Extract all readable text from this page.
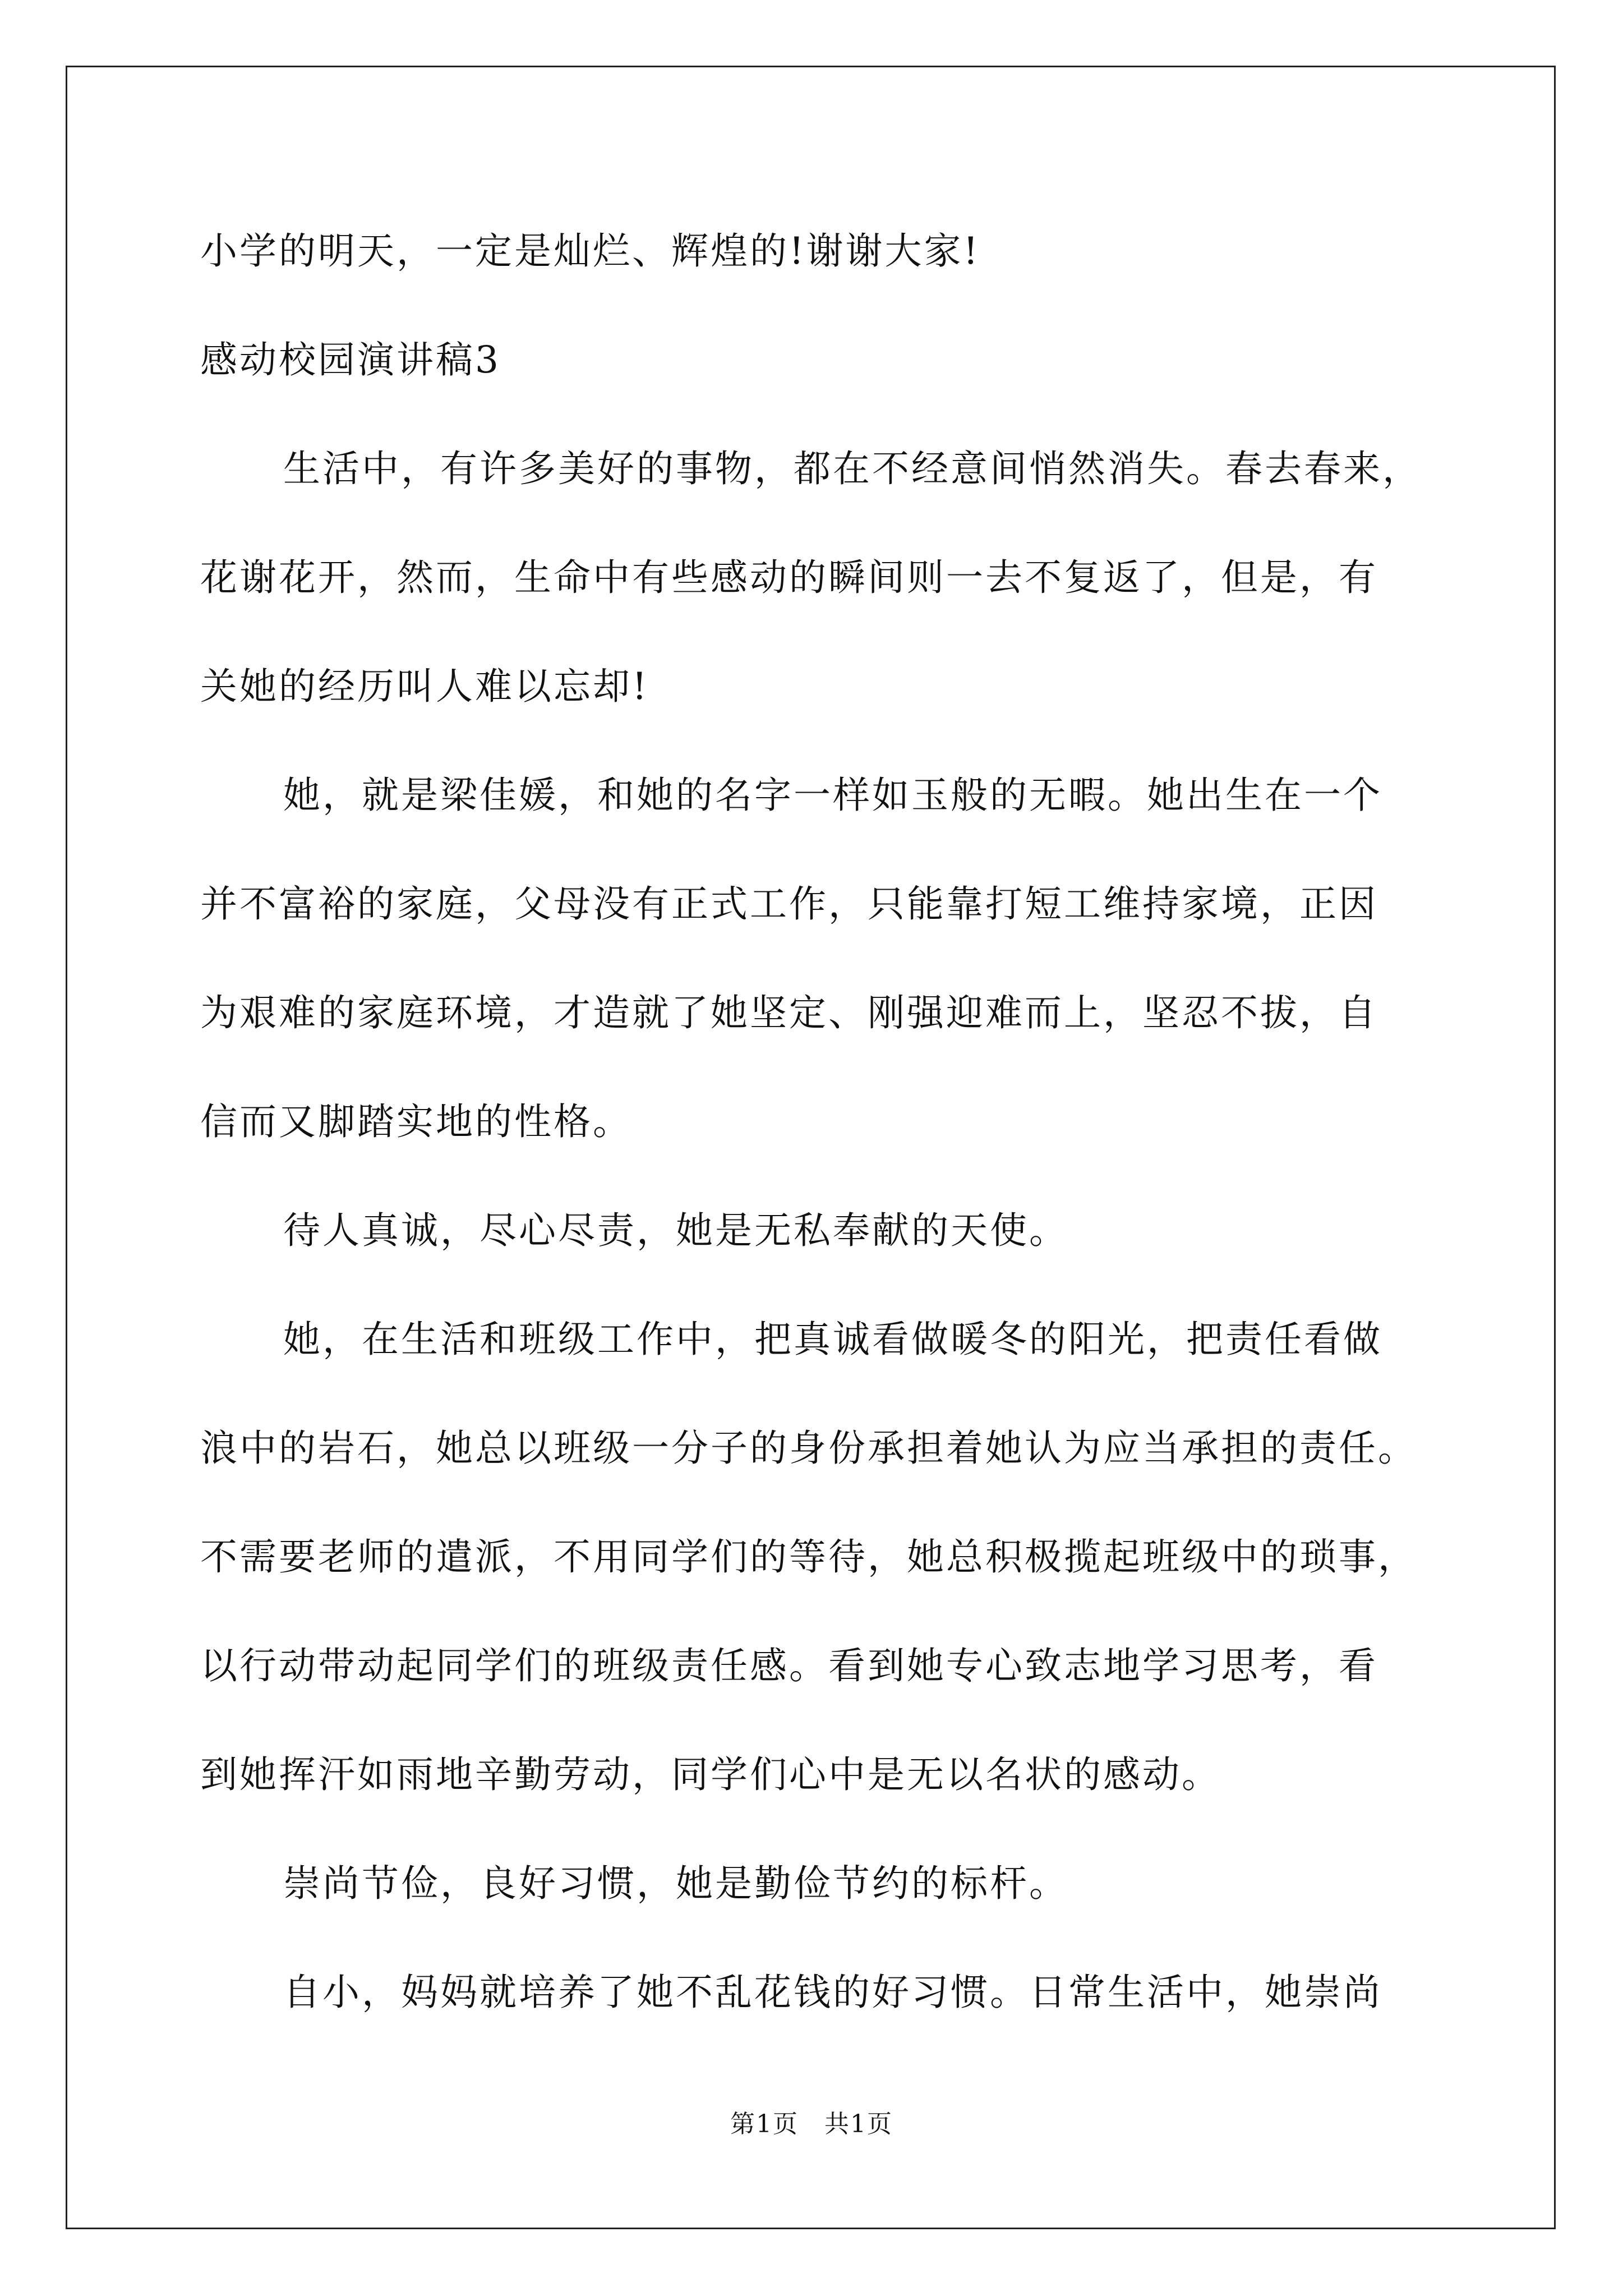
小学的明天，一定是灿烂、辉煌的!谢谢大家!

感动校园演讲稿3

生活中，有许多美好的事物，都在不经意间悄然消失。春去春来，

花谢花开，然而，生命中有些感动的瞬间则一去不复返了，但是，有

关她的经历叫人难以忘却!

她，就是梁佳媛，和她的名字一样如玉般的无暇。她出生在一个

并不富裕的家庭，父母没有正式工作，只能靠打短工维持家境，正因

为艰难的家庭环境，才造就了她坚定、刚强迎难而上，坚忍不拔，自

信而又脚踏实地的性格。

待人真诚，尽心尽责，她是无私奉献的天使。

她，在生活和班级工作中，把真诚看做暖冬的阳光，把责任看做

浪中的岩石，她总以班级一分子的身份承担着她认为应当承担的责任。

不需要老师的遣派，不用同学们的等待，她总积极揽起班级中的琐事，

以行动带动起同学们的班级责任感。看到她专心致志地学习思考，看

到她挥汗如雨地辛勤劳动，同学们心中是无以名状的感动。

崇尚节俭，良好习惯，她是勤俭节约的标杆。

自小，妈妈就培养了她不乱花钱的好习惯。日常生活中，她崇尚

第1页　共1页
